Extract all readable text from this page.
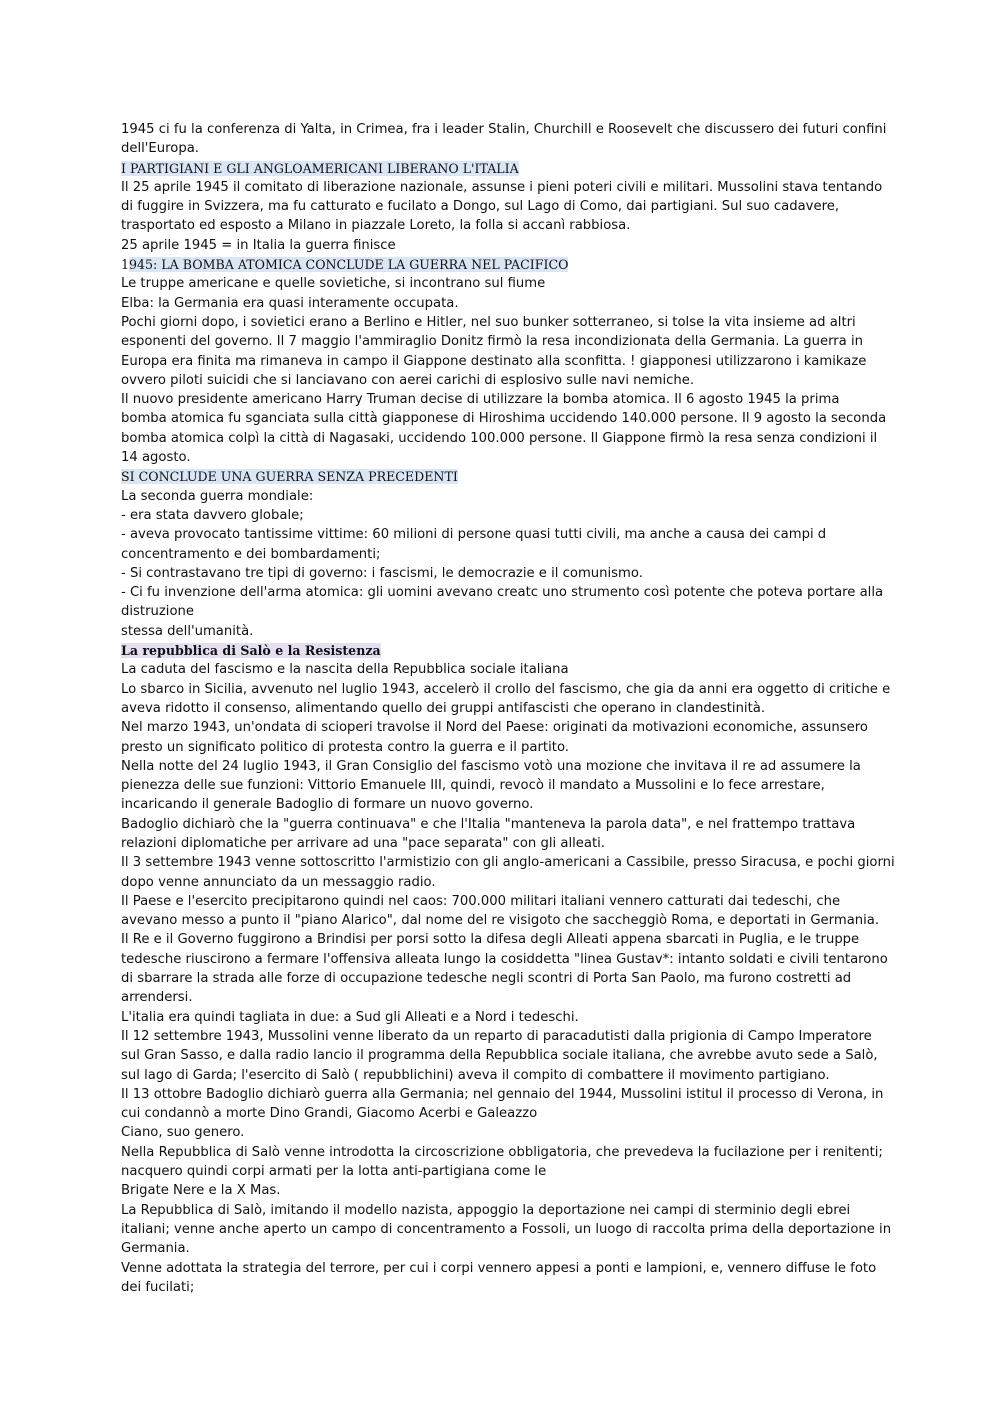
1945 ci fu la conferenza di Yalta, in Crimea, fra i leader Stalin, Churchill e Roosevelt che discussero dei futuri confini

dell'Europa.

I PARTIGIANI E GLI ANGLOAMERICANI LIBERANO L'ITALIA

Il 25 aprile 1945 il comitato di liberazione nazionale, assunse i pieni poteri civili e militari. Mussolini stava tentando

di fuggire in Svizzera, ma fu catturato e fucilato a Dongo, sul Lago di Como, dai partigiani. Sul suo cadavere,

trasportato ed esposto a Milano in piazzale Loreto, la folla si accanì rabbiosa.

25 aprile 1945 = in Italia la guerra finisce

1945: LA BOMBA ATOMICA CONCLUDE LA GUERRA NEL PACIFICO

Le truppe americane e quelle sovietiche, si incontrano sul fiume

Elba: la Germania era quasi interamente occupata.

Pochi giorni dopo, i sovietici erano a Berlino e Hitler, nel suo bunker sotterraneo, si tolse la vita insieme ad altri

esponenti del governo. Il 7 maggio l'ammiraglio Donitz firmò la resa incondizionata della Germania. La guerra in

Europa era finita ma rimaneva in campo il Giappone destinato alla sconfitta. ! giapponesi utilizzarono i kamikaze

ovvero piloti suicidi che si lanciavano con aerei carichi di esplosivo sulle navi nemiche.

Il nuovo presidente americano Harry Truman decise di utilizzare la bomba atomica. Il 6 agosto 1945 la prima

bomba atomica fu sganciata sulla città giapponese di Hiroshima uccidendo 140.000 persone. Il 9 agosto la seconda

bomba atomica colpì la città di Nagasaki, uccidendo 100.000 persone. Il Giappone firmò la resa senza condizioni il

14 agosto.

SI CONCLUDE UNA GUERRA SENZA PRECEDENTI

La seconda guerra mondiale:

- era stata davvero globale;

- aveva provocato tantissime vittime: 60 milioni di persone quasi tutti civili, ma anche a causa dei campi d

concentramento e dei bombardamenti;

- Si contrastavano tre tipi di governo: i fascismi, le democrazie e il comunismo.

- Ci fu invenzione dell'arma atomica: gli uomini avevano creatc uno strumento così potente che poteva portare alla

distruzione

stessa dell'umanità.

La repubblica di Salò e la Resistenza

La caduta del fascismo e la nascita della Repubblica sociale italiana

Lo sbarco in Sicilia, avvenuto nel luglio 1943, accelerò il crollo del fascismo, che gia da anni era oggetto di critiche e

aveva ridotto il consenso, alimentando quello dei gruppi antifascisti che operano in clandestinità.

Nel marzo 1943, un'ondata di scioperi travolse il Nord del Paese: originati da motivazioni economiche, assunsero

presto un significato politico di protesta contro la guerra e il partito.

Nella notte del 24 luglio 1943, il Gran Consiglio del fascismo votò una mozione che invitava il re ad assumere la

pienezza delle sue funzioni: Vittorio Emanuele III, quindi, revocò il mandato a Mussolini e lo fece arrestare,

incaricando il generale Badoglio di formare un nuovo governo.

Badoglio dichiarò che la "guerra continuava" e che l'Italia "manteneva la parola data", e nel frattempo trattava

relazioni diplomatiche per arrivare ad una "pace separata" con gli alleati.

Il 3 settembre 1943 venne sottoscritto l'armistizio con gli anglo-americani a Cassibile, presso Siracusa, e pochi giorni

dopo venne annunciato da un messaggio radio.

Il Paese e l'esercito precipitarono quindi nel caos: 700.000 militari italiani vennero catturati dai tedeschi, che

avevano messo a punto il "piano Alarico", dal nome del re visigoto che saccheggiò Roma, e deportati in Germania.

Il Re e il Governo fuggirono a Brindisi per porsi sotto la difesa degli Alleati appena sbarcati in Puglia, e le truppe

tedesche riuscirono a fermare l'offensiva alleata lungo la cosiddetta "linea Gustav*: intanto soldati e civili tentarono

di sbarrare la strada alle forze di occupazione tedesche negli scontri di Porta San Paolo, ma furono costretti ad

arrendersi.

L'italia era quindi tagliata in due: a Sud gli Alleati e a Nord i tedeschi.

Il 12 settembre 1943, Mussolini venne liberato da un reparto di paracadutisti dalla prigionia di Campo Imperatore

sul Gran Sasso, e dalla radio lancio il programma della Repubblica sociale italiana, che avrebbe avuto sede a Salò,

sul lago di Garda; l'esercito di Salò ( repubblichini) aveva il compito di combattere il movimento partigiano.

Il 13 ottobre Badoglio dichiarò guerra alla Germania; nel gennaio del 1944, Mussolini istitul il processo di Verona, in

cui condannò a morte Dino Grandi, Giacomo Acerbi e Galeazzo

Ciano, suo genero.

Nella Repubblica di Salò venne introdotta la circoscrizione obbligatoria, che prevedeva la fucilazione per i renitenti;

nacquero quindi corpi armati per la lotta anti-partigiana come le

Brigate Nere e la X Mas.

La Repubblica di Salò, imitando il modello nazista, appoggio la deportazione nei campi di sterminio degli ebrei

italiani; venne anche aperto un campo di concentramento a Fossoli, un luogo di raccolta prima della deportazione in

Germania.

Venne adottata la strategia del terrore, per cui i corpi vennero appesi a ponti e lampioni, e, vennero diffuse le foto

dei fucilati;
